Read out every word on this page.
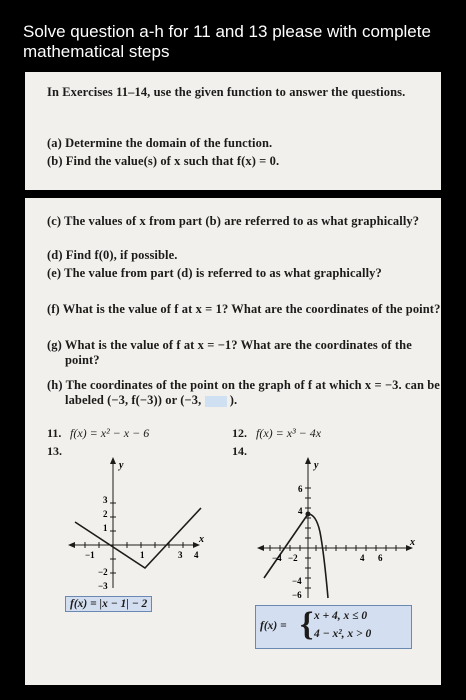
Solve question a-h for 11 and 13 please with complete mathematical steps
In Exercises 11–14, use the given function to answer the questions.
(a) Determine the domain of the function.
(b) Find the value(s) of x such that f(x) = 0.
(c) The values of x from part (b) are referred to as what graphically?
(d) Find f(0), if possible.
(e) The value from part (d) is referred to as what graphically?
(f) What is the value of f at x = 1? What are the coordinates of the point?
(g) What is the value of f at x = −1? What are the coordinates of the point?
(h) The coordinates of the point on the graph of f at which x = −3. can be labeled (−3, f(−3)) or (−3, ).
11. f(x) = x² − x − 6	12. f(x) = x³ − 4x
13.	14.
y
x
−1	1	3 4
3
2
1
−2
−3
f(x) = |x − 1| − 2
y
x
−4 −2	4 6
6
4
−4
−6
f(x) = { x + 4, x ≤ 0
4 − x², x > 0
